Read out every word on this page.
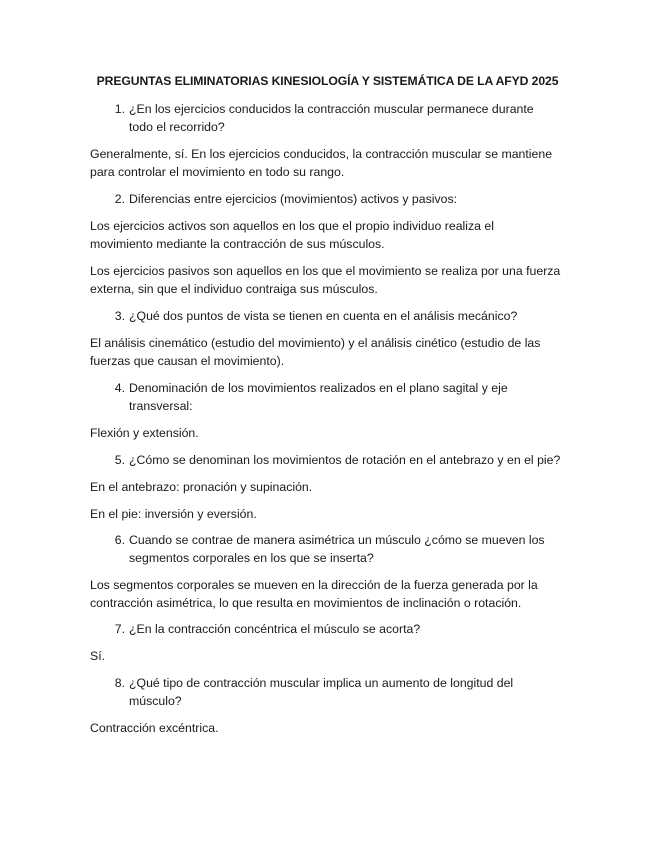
PREGUNTAS ELIMINATORIAS KINESIOLOGÍA Y SISTEMÁTICA DE LA AFYD 2025
1. ¿En los ejercicios conducidos la contracción muscular permanece durante
todo el recorrido?
Generalmente, sí. En los ejercicios conducidos, la contracción muscular se mantiene
para controlar el movimiento en todo su rango.
2. Diferencias entre ejercicios (movimientos) activos y pasivos:
Los ejercicios activos son aquellos en los que el propio individuo realiza el
movimiento mediante la contracción de sus músculos.
Los ejercicios pasivos son aquellos en los que el movimiento se realiza por una fuerza
externa, sin que el individuo contraiga sus músculos.
3. ¿Qué dos puntos de vista se tienen en cuenta en el análisis mecánico?
El análisis cinemático (estudio del movimiento) y el análisis cinético (estudio de las
fuerzas que causan el movimiento).
4. Denominación de los movimientos realizados en el plano sagital y eje
transversal:
Flexión y extensión.
5. ¿Cómo se denominan los movimientos de rotación en el antebrazo y en el pie?
En el antebrazo: pronación y supinación.
En el pie: inversión y eversión.
6. Cuando se contrae de manera asimétrica un músculo ¿cómo se mueven los
segmentos corporales en los que se inserta?
Los segmentos corporales se mueven en la dirección de la fuerza generada por la
contracción asimétrica, lo que resulta en movimientos de inclinación o rotación.
7. ¿En la contracción concéntrica el músculo se acorta?
Sí.
8. ¿Qué tipo de contracción muscular implica un aumento de longitud del
músculo?
Contracción excéntrica.
